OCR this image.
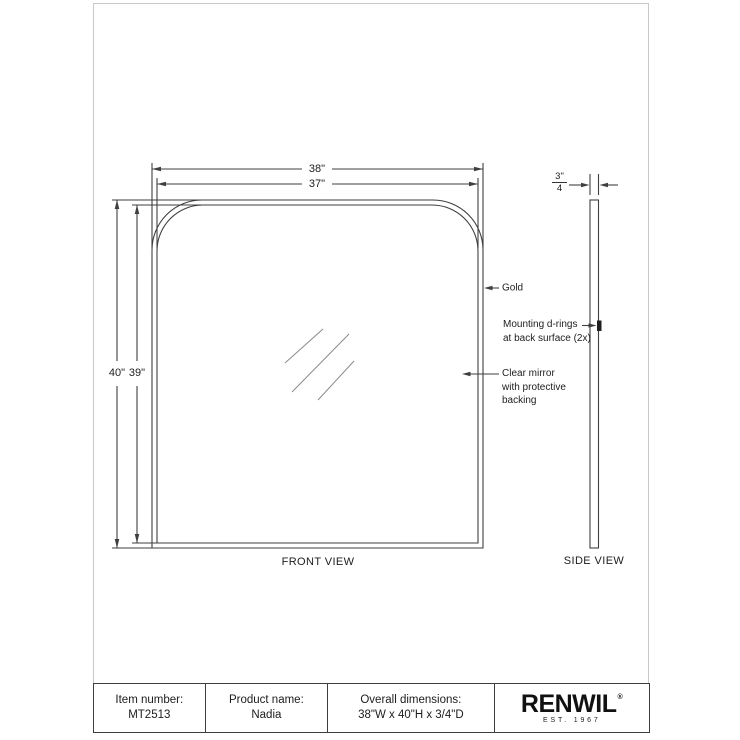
38"
37"
40" 39"
$\frac{3"}{4}$
Gold
Mounting d-rings
at back surface (2x)
Clear mirror
with protective
backing
FRONT VIEW	SIDE VIEW
Item number:
MT2513
Product name:
Nadia
Overall dimensions:
38"W x 40"H x 3/4"D RENWIL ®
EST. 1967
